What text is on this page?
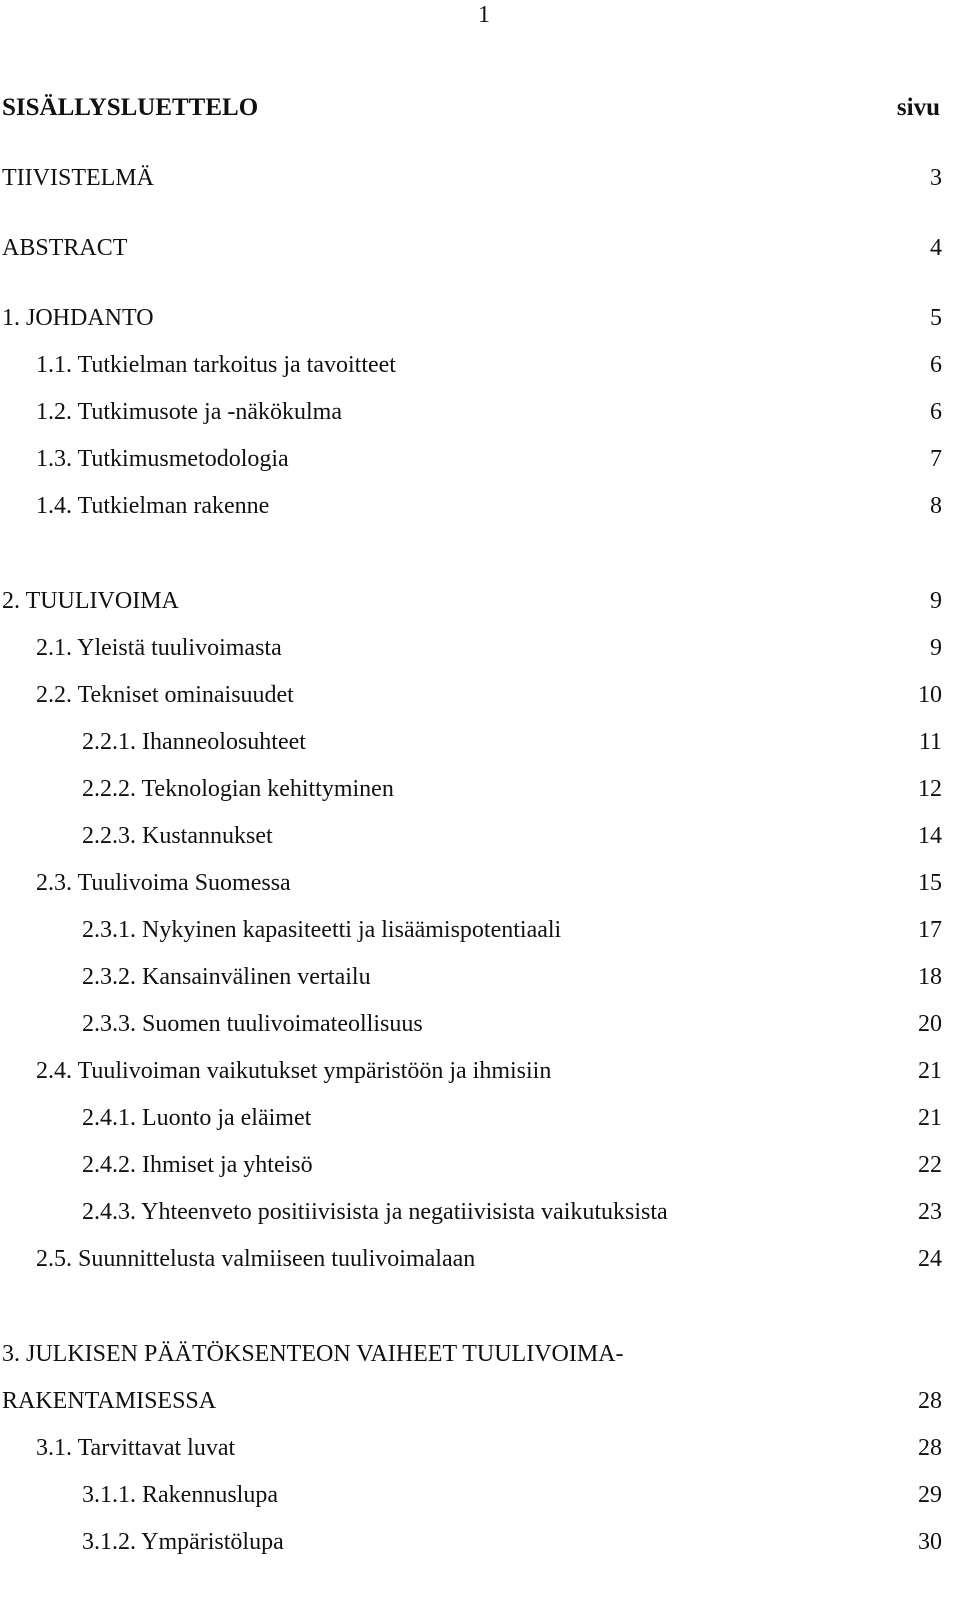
1
SISÄLLYSLUETTELO	sivu
TIIVISTELMÄ	3
ABSTRACT	4
1. JOHDANTO	5
1.1. Tutkielman tarkoitus ja tavoitteet	6
1.2. Tutkimusote ja -näkökulma	6
1.3. Tutkimusmetodologia	7
1.4. Tutkielman rakenne	8
2. TUULIVOIMA	9
2.1. Yleistä tuulivoimasta	9
2.2. Tekniset ominaisuudet	10
2.2.1. Ihanneolosuhteet	11
2.2.2. Teknologian kehittyminen	12
2.2.3. Kustannukset	14
2.3. Tuulivoima Suomessa	15
2.3.1. Nykyinen kapasiteetti ja lisäämispotentiaali	17
2.3.2. Kansainvälinen vertailu	18
2.3.3. Suomen tuulivoimateollisuus	20
2.4. Tuulivoiman vaikutukset ympäristöön ja ihmisiin	21
2.4.1. Luonto ja eläimet	21
2.4.2. Ihmiset ja yhteisö	22
2.4.3. Yhteenveto positiivisista ja negatiivisista vaikutuksista	23
2.5. Suunnittelusta valmiiseen tuulivoimalaan	24
3. JULKISEN PÄÄTÖKSENTEON VAIHEET TUULIVOIMA-
RAKENTAMISESSA	28
3.1. Tarvittavat luvat	28
3.1.1. Rakennuslupa	29
3.1.2. Ympäristölupa	30
